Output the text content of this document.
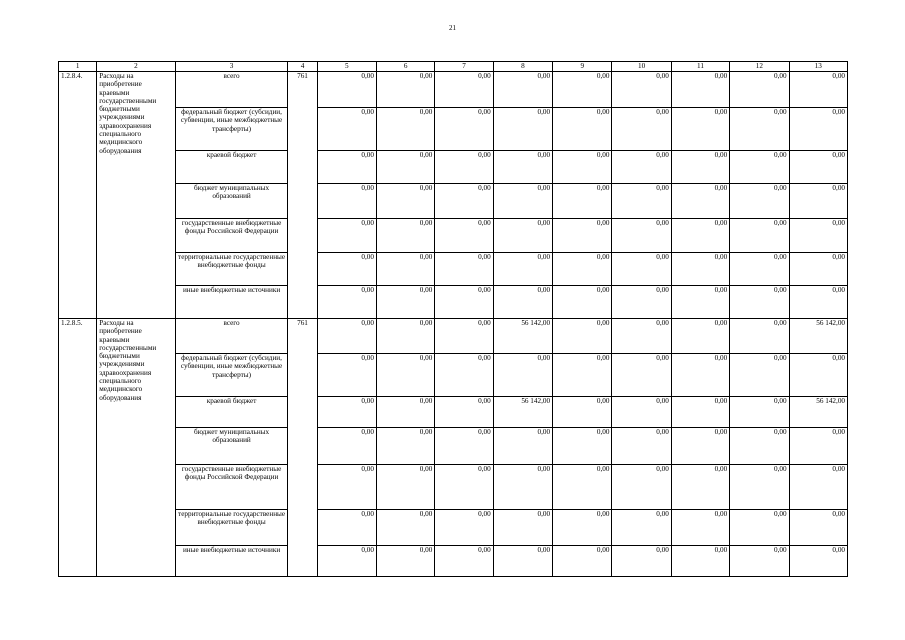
21
1	2	3	4	5	6	7	8	9	10	11	12	13
1.2.8.4.	Расходы на приобретение краевыми государственными бюджетными учреждениями здравоохранения специального медицинского оборудования	всего	761	0,00	0,00	0,00	0,00	0,00	0,00	0,00	0,00	0,00
		федеральный бюджет (субсидии, субвенции, иные межбюджетные трансферты)		0,00	0,00	0,00	0,00	0,00	0,00	0,00	0,00	0,00
		краевой бюджет		0,00	0,00	0,00	0,00	0,00	0,00	0,00	0,00	0,00
		бюджет муниципальных образований		0,00	0,00	0,00	0,00	0,00	0,00	0,00	0,00	0,00
		государственные внебюджетные фонды Российской Федерации		0,00	0,00	0,00	0,00	0,00	0,00	0,00	0,00	0,00
		территориальные государственные внебюджетные фонды		0,00	0,00	0,00	0,00	0,00	0,00	0,00	0,00	0,00
		иные внебюджетные источники		0,00	0,00	0,00	0,00	0,00	0,00	0,00	0,00	0,00
1.2.8.5.	Расходы на приобретение краевыми государственными бюджетными учреждениями здравоохранения специального медицинского оборудования	всего	761	0,00	0,00	0,00	56 142,00	0,00	0,00	0,00	0,00	56 142,00
		федеральный бюджет (субсидии, субвенции, иные межбюджетные трансферты)		0,00	0,00	0,00	0,00	0,00	0,00	0,00	0,00	0,00
		краевой бюджет		0,00	0,00	0,00	56 142,00	0,00	0,00	0,00	0,00	56 142,00
		бюджет муниципальных образований		0,00	0,00	0,00	0,00	0,00	0,00	0,00	0,00	0,00
		государственные внебюджетные фонды Российской Федерации		0,00	0,00	0,00	0,00	0,00	0,00	0,00	0,00	0,00
		территориальные государственные внебюджетные фонды		0,00	0,00	0,00	0,00	0,00	0,00	0,00	0,00	0,00
		иные внебюджетные источники		0,00	0,00	0,00	0,00	0,00	0,00	0,00	0,00	0,00
